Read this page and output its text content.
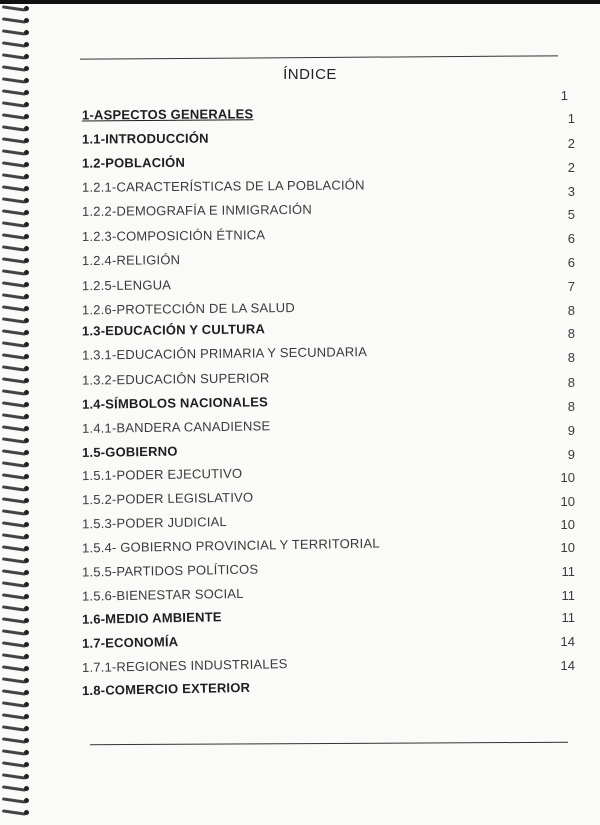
ÍNDICE
1
1-ASPECTOS GENERALES	1
1.1-INTRODUCCIÓN	2
1.2-POBLACIÓN	2
1.2.1-CARACTERÍSTICAS DE LA POBLACIÓN	3
1.2.2-DEMOGRAFÍA E INMIGRACIÓN	5
1.2.3-COMPOSICIÓN ÉTNICA	6
1.2.4-RELIGIÓN	6
1.2.5-LENGUA	7
1.2.6-PROTECCIÓN DE LA SALUD	8
1.3-EDUCACIÓN Y CULTURA	8
1.3.1-EDUCACIÓN PRIMARIA Y SECUNDARIA	8
1.3.2-EDUCACIÓN SUPERIOR	8
1.4-SÍMBOLOS NACIONALES	8
1.4.1-BANDERA CANADIENSE	9
1.5-GOBIERNO	9
1.5.1-PODER EJECUTIVO	10
1.5.2-PODER LEGISLATIVO	10
1.5.3-PODER JUDICIAL	10
1.5.4- GOBIERNO PROVINCIAL Y TERRITORIAL	10
1.5.5-PARTIDOS POLÍTICOS	11
1.5.6-BIENESTAR SOCIAL	11
1.6-MEDIO AMBIENTE	11
1.7-ECONOMÍA	14
1.7.1-REGIONES INDUSTRIALES	14
1.8-COMERCIO EXTERIOR
